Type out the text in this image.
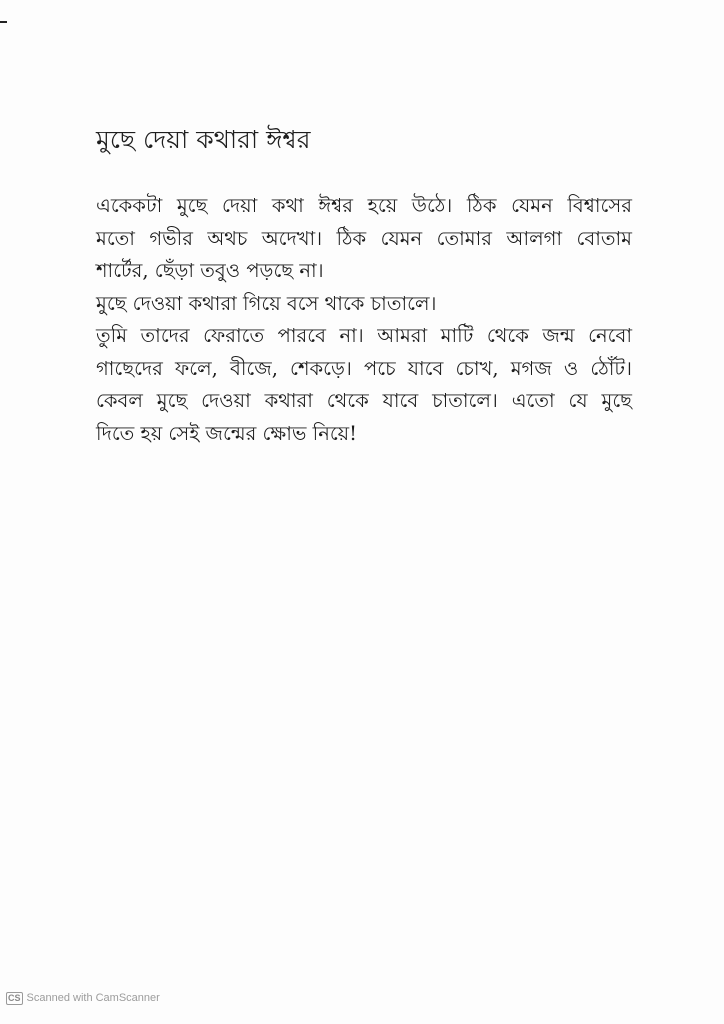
মুছে দেয়া কথারা ঈশ্বর
একেকটা মুছে দেয়া কথা ঈশ্বর হয়ে উঠে। ঠিক যেমন বিশ্বাসের
মতো গভীর অথচ অদেখা। ঠিক যেমন তোমার আলগা বোতাম
শার্টের, ছেঁড়া তবুও পড়ছে না।
মুছে দেওয়া কথারা গিয়ে বসে থাকে চাতালে।
তুমি তাদের ফেরাতে পারবে না। আমরা মাটি থেকে জন্ম নেবো
গাছেদের ফলে, বীজে, শেকড়ে। পচে যাবে চোখ, মগজ ও ঠোঁট।
কেবল মুছে দেওয়া কথারা থেকে যাবে চাতালে। এতো যে মুছে
দিতে হয় সেই জন্মের ক্ষোভ নিয়ে!
CS Scanned with CamScanner
